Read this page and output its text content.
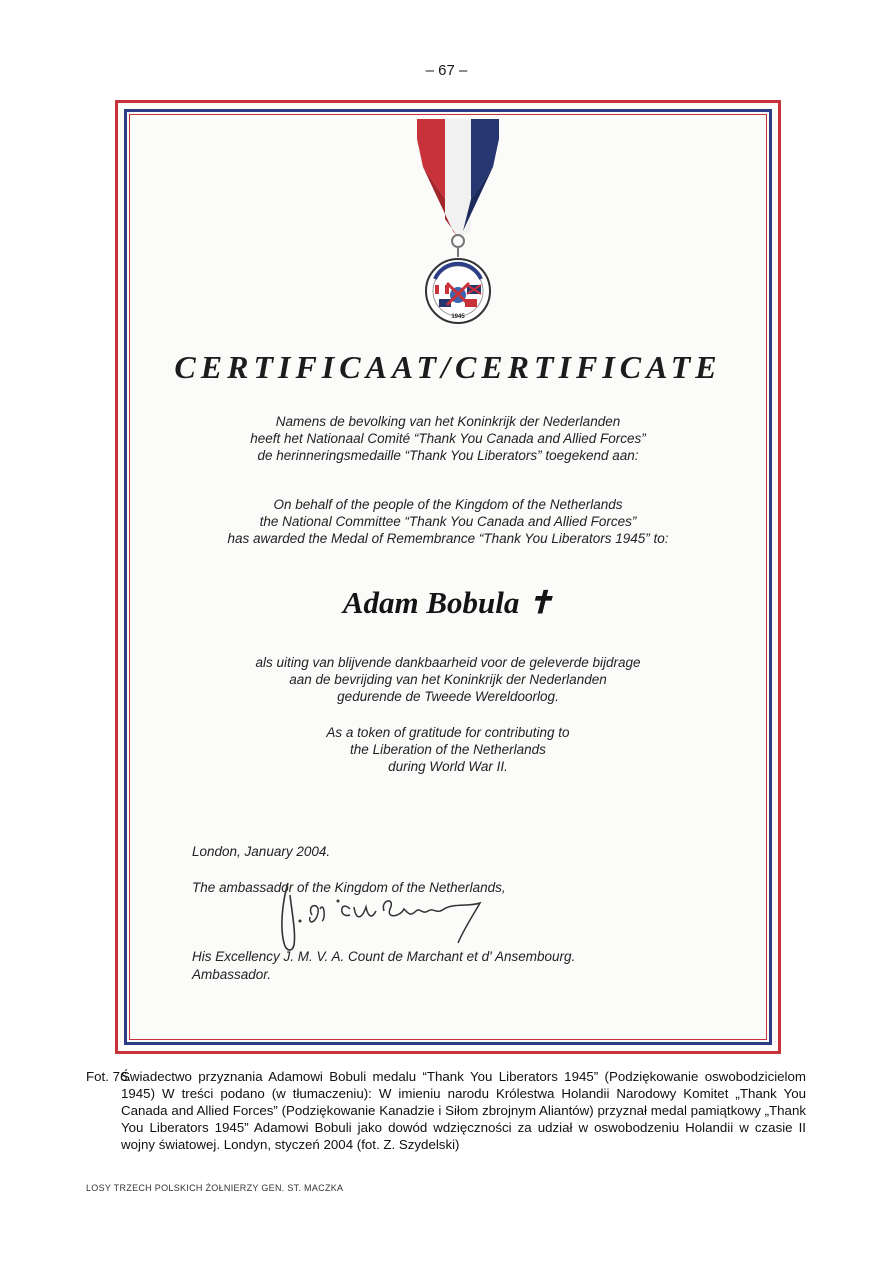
– 67 –
1945
CERTIFICAAT/CERTIFICATE
Namens de bevolking van het Koninkrijk der Nederlanden
heeft het Nationaal Comité “Thank You Canada and Allied Forces”
de herinneringsmedaille “Thank You Liberators” toegekend aan:
On behalf of the people of the Kingdom of the Netherlands
the National Committee “Thank You Canada and Allied Forces”
has awarded the Medal of Remembrance “Thank You Liberators 1945” to:
Adam Bobula ✝
als uiting van blijvende dankbaarheid voor de geleverde bijdrage
aan de bevrijding van het Koninkrijk der Nederlanden
gedurende de Tweede Wereldoorlog.
As a token of gratitude for contributing to
the Liberation of the Netherlands
during World War II.
London, January 2004.
The ambassador of the Kingdom of the Netherlands,
His Excellency J. M. V. A. Count de Marchant et d' Ansembourg.
Ambassador.
Fot. 76.
Świadectwo przyznania Adamowi Bobuli medalu “Thank You Liberators 1945” (Podziękowanie oswobodzicielom 1945) W treści podano (w tłumaczeniu): W imieniu narodu Królestwa Holandii Narodowy Komitet „Thank You Canada and Allied Forces” (Podziękowanie Kanadzie i Siłom zbrojnym Aliantów) przyznał medal pamiątkowy „Thank You Liberators 1945” Adamowi Bobuli jako dowód wdzięczności za udział w oswobodzeniu Holandii w czasie II wojny światowej. Londyn, styczeń 2004 (fot. Z. Szydelski)
LOSY TRZECH POLSKICH ŻOŁNIERZY GEN. ST. MACZKA
